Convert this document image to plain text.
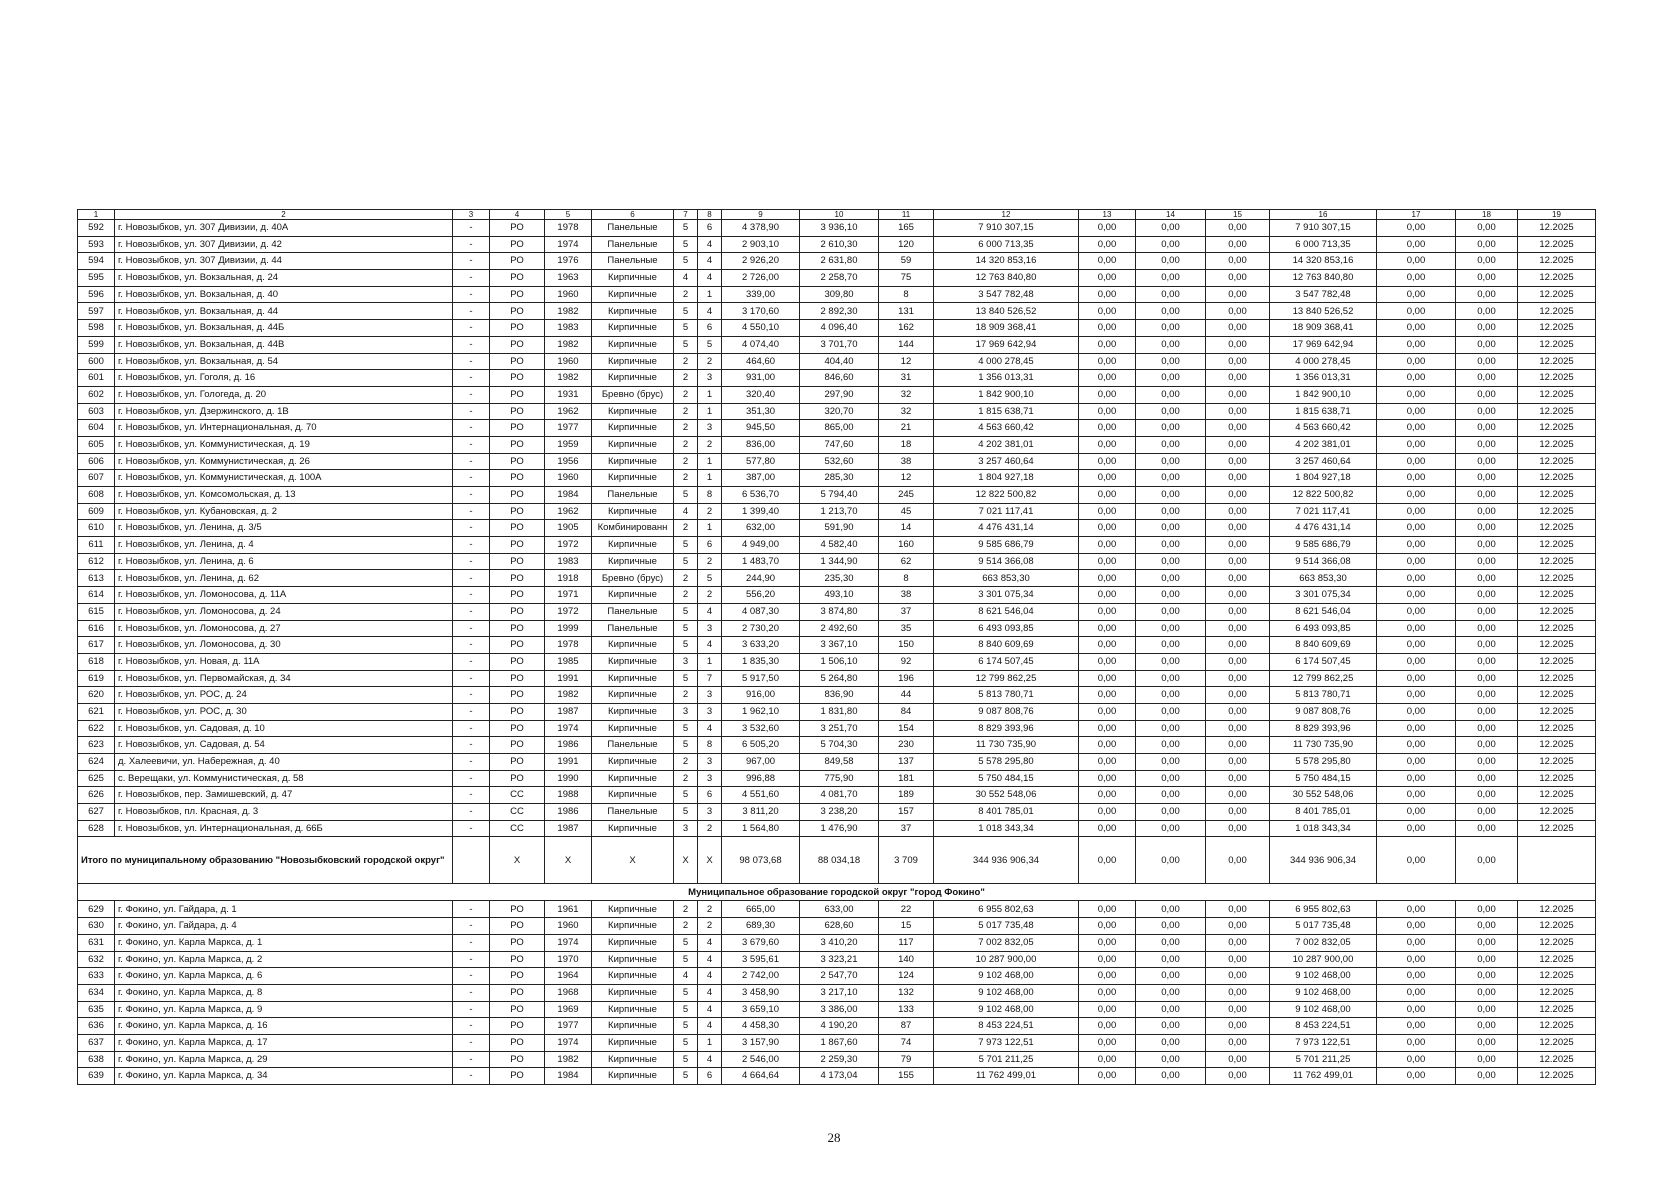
1	2	3	4	5	6	7	8	9	10	11	12	13	14	15	16	17	18	19
592	г. Новозыбков, ул. 307 Дивизии, д. 40А	-	РО	1978	Панельные	5	6	4 378,90	3 936,10	165	7 910 307,15	0,00	0,00	0,00	7 910 307,15	0,00	0,00	12.2025
593	г. Новозыбков, ул. 307 Дивизии, д. 42	-	РО	1974	Панельные	5	4	2 903,10	2 610,30	120	6 000 713,35	0,00	0,00	0,00	6 000 713,35	0,00	0,00	12.2025
594	г. Новозыбков, ул. 307 Дивизии, д. 44	-	РО	1976	Панельные	5	4	2 926,20	2 631,80	59	14 320 853,16	0,00	0,00	0,00	14 320 853,16	0,00	0,00	12.2025
595	г. Новозыбков, ул. Вокзальная, д. 24	-	РО	1963	Кирпичные	4	4	2 726,00	2 258,70	75	12 763 840,80	0,00	0,00	0,00	12 763 840,80	0,00	0,00	12.2025
596	г. Новозыбков, ул. Вокзальная, д. 40	-	РО	1960	Кирпичные	2	1	339,00	309,80	8	3 547 782,48	0,00	0,00	0,00	3 547 782,48	0,00	0,00	12.2025
597	г. Новозыбков, ул. Вокзальная, д. 44	-	РО	1982	Кирпичные	5	4	3 170,60	2 892,30	131	13 840 526,52	0,00	0,00	0,00	13 840 526,52	0,00	0,00	12.2025
598	г. Новозыбков, ул. Вокзальная, д. 44Б	-	РО	1983	Кирпичные	5	6	4 550,10	4 096,40	162	18 909 368,41	0,00	0,00	0,00	18 909 368,41	0,00	0,00	12.2025
599	г. Новозыбков, ул. Вокзальная, д. 44В	-	РО	1982	Кирпичные	5	5	4 074,40	3 701,70	144	17 969 642,94	0,00	0,00	0,00	17 969 642,94	0,00	0,00	12.2025
600	г. Новозыбков, ул. Вокзальная, д. 54	-	РО	1960	Кирпичные	2	2	464,60	404,40	12	4 000 278,45	0,00	0,00	0,00	4 000 278,45	0,00	0,00	12.2025
601	г. Новозыбков, ул. Гоголя, д. 16	-	РО	1982	Кирпичные	2	3	931,00	846,60	31	1 356 013,31	0,00	0,00	0,00	1 356 013,31	0,00	0,00	12.2025
602	г. Новозыбков, ул. Гологеда, д. 20	-	РО	1931	Бревно (брус)	2	1	320,40	297,90	32	1 842 900,10	0,00	0,00	0,00	1 842 900,10	0,00	0,00	12.2025
603	г. Новозыбков, ул. Дзержинского, д. 1В	-	РО	1962	Кирпичные	2	1	351,30	320,70	32	1 815 638,71	0,00	0,00	0,00	1 815 638,71	0,00	0,00	12.2025
604	г. Новозыбков, ул. Интернациональная, д. 70	-	РО	1977	Кирпичные	2	3	945,50	865,00	21	4 563 660,42	0,00	0,00	0,00	4 563 660,42	0,00	0,00	12.2025
605	г. Новозыбков, ул. Коммунистическая, д. 19	-	РО	1959	Кирпичные	2	2	836,00	747,60	18	4 202 381,01	0,00	0,00	0,00	4 202 381,01	0,00	0,00	12.2025
606	г. Новозыбков, ул. Коммунистическая, д. 26	-	РО	1956	Кирпичные	2	1	577,80	532,60	38	3 257 460,64	0,00	0,00	0,00	3 257 460,64	0,00	0,00	12.2025
607	г. Новозыбков, ул. Коммунистическая, д. 100А	-	РО	1960	Кирпичные	2	1	387,00	285,30	12	1 804 927,18	0,00	0,00	0,00	1 804 927,18	0,00	0,00	12.2025
608	г. Новозыбков, ул. Комсомольская, д. 13	-	РО	1984	Панельные	5	8	6 536,70	5 794,40	245	12 822 500,82	0,00	0,00	0,00	12 822 500,82	0,00	0,00	12.2025
609	г. Новозыбков, ул. Кубановская, д. 2	-	РО	1962	Кирпичные	4	2	1 399,40	1 213,70	45	7 021 117,41	0,00	0,00	0,00	7 021 117,41	0,00	0,00	12.2025
610	г. Новозыбков, ул. Ленина, д. 3/5	-	РО	1905	Комбинированн	2	1	632,00	591,90	14	4 476 431,14	0,00	0,00	0,00	4 476 431,14	0,00	0,00	12.2025
611	г. Новозыбков, ул. Ленина, д. 4	-	РО	1972	Кирпичные	5	6	4 949,00	4 582,40	160	9 585 686,79	0,00	0,00	0,00	9 585 686,79	0,00	0,00	12.2025
612	г. Новозыбков, ул. Ленина, д. 6	-	РО	1983	Кирпичные	5	2	1 483,70	1 344,90	62	9 514 366,08	0,00	0,00	0,00	9 514 366,08	0,00	0,00	12.2025
613	г. Новозыбков, ул. Ленина, д. 62	-	РО	1918	Бревно (брус)	2	5	244,90	235,30	8	663 853,30	0,00	0,00	0,00	663 853,30	0,00	0,00	12.2025
614	г. Новозыбков, ул. Ломоносова, д. 11А	-	РО	1971	Кирпичные	2	2	556,20	493,10	38	3 301 075,34	0,00	0,00	0,00	3 301 075,34	0,00	0,00	12.2025
615	г. Новозыбков, ул. Ломоносова, д. 24	-	РО	1972	Панельные	5	4	4 087,30	3 874,80	37	8 621 546,04	0,00	0,00	0,00	8 621 546,04	0,00	0,00	12.2025
616	г. Новозыбков, ул. Ломоносова, д. 27	-	РО	1999	Панельные	5	3	2 730,20	2 492,60	35	6 493 093,85	0,00	0,00	0,00	6 493 093,85	0,00	0,00	12.2025
617	г. Новозыбков, ул. Ломоносова, д. 30	-	РО	1978	Кирпичные	5	4	3 633,20	3 367,10	150	8 840 609,69	0,00	0,00	0,00	8 840 609,69	0,00	0,00	12.2025
618	г. Новозыбков, ул. Новая, д. 11А	-	РО	1985	Кирпичные	3	1	1 835,30	1 506,10	92	6 174 507,45	0,00	0,00	0,00	6 174 507,45	0,00	0,00	12.2025
619	г. Новозыбков, ул. Первомайская, д. 34	-	РО	1991	Кирпичные	5	7	5 917,50	5 264,80	196	12 799 862,25	0,00	0,00	0,00	12 799 862,25	0,00	0,00	12.2025
620	г. Новозыбков, ул. РОС, д. 24	-	РО	1982	Кирпичные	2	3	916,00	836,90	44	5 813 780,71	0,00	0,00	0,00	5 813 780,71	0,00	0,00	12.2025
621	г. Новозыбков, ул. РОС, д. 30	-	РО	1987	Кирпичные	3	3	1 962,10	1 831,80	84	9 087 808,76	0,00	0,00	0,00	9 087 808,76	0,00	0,00	12.2025
622	г. Новозыбков, ул. Садовая, д. 10	-	РО	1974	Кирпичные	5	4	3 532,60	3 251,70	154	8 829 393,96	0,00	0,00	0,00	8 829 393,96	0,00	0,00	12.2025
623	г. Новозыбков, ул. Садовая, д. 54	-	РО	1986	Панельные	5	8	6 505,20	5 704,30	230	11 730 735,90	0,00	0,00	0,00	11 730 735,90	0,00	0,00	12.2025
624	д. Халеевичи, ул. Набережная, д. 40	-	РО	1991	Кирпичные	2	3	967,00	849,58	137	5 578 295,80	0,00	0,00	0,00	5 578 295,80	0,00	0,00	12.2025
625	с. Верещаки, ул. Коммунистическая, д. 58	-	РО	1990	Кирпичные	2	3	996,88	775,90	181	5 750 484,15	0,00	0,00	0,00	5 750 484,15	0,00	0,00	12.2025
626	г. Новозыбков, пер. Замишевский, д. 47	-	СС	1988	Кирпичные	5	6	4 551,60	4 081,70	189	30 552 548,06	0,00	0,00	0,00	30 552 548,06	0,00	0,00	12.2025
627	г. Новозыбков, пл. Красная, д. 3	-	СС	1986	Панельные	5	3	3 811,20	3 238,20	157	8 401 785,01	0,00	0,00	0,00	8 401 785,01	0,00	0,00	12.2025
628	г. Новозыбков, ул. Интернациональная, д. 66Б	-	СС	1987	Кирпичные	3	2	1 564,80	1 476,90	37	1 018 343,34	0,00	0,00	0,00	1 018 343,34	0,00	0,00	12.2025
Итого по муниципальному образованию "Новозыбковский городской округ"			X	X	X	X	X	98 073,68	88 034,18	3 709	344 936 906,34	0,00	0,00	0,00	344 936 906,34	0,00	0,00	
Муниципальное образование городской округ "город Фокино"																		
629	г. Фокино, ул. Гайдара, д. 1	-	РО	1961	Кирпичные	2	2	665,00	633,00	22	6 955 802,63	0,00	0,00	0,00	6 955 802,63	0,00	0,00	12.2025
630	г. Фокино, ул. Гайдара, д. 4	-	РО	1960	Кирпичные	2	2	689,30	628,60	15	5 017 735,48	0,00	0,00	0,00	5 017 735,48	0,00	0,00	12.2025
631	г. Фокино, ул. Карла Маркса, д. 1	-	РО	1974	Кирпичные	5	4	3 679,60	3 410,20	117	7 002 832,05	0,00	0,00	0,00	7 002 832,05	0,00	0,00	12.2025
632	г. Фокино, ул. Карла Маркса, д. 2	-	РО	1970	Кирпичные	5	4	3 595,61	3 323,21	140	10 287 900,00	0,00	0,00	0,00	10 287 900,00	0,00	0,00	12.2025
633	г. Фокино, ул. Карла Маркса, д. 6	-	РО	1964	Кирпичные	4	4	2 742,00	2 547,70	124	9 102 468,00	0,00	0,00	0,00	9 102 468,00	0,00	0,00	12.2025
634	г. Фокино, ул. Карла Маркса, д. 8	-	РО	1968	Кирпичные	5	4	3 458,90	3 217,10	132	9 102 468,00	0,00	0,00	0,00	9 102 468,00	0,00	0,00	12.2025
635	г. Фокино, ул. Карла Маркса, д. 9	-	РО	1969	Кирпичные	5	4	3 659,10	3 386,00	133	9 102 468,00	0,00	0,00	0,00	9 102 468,00	0,00	0,00	12.2025
636	г. Фокино, ул. Карла Маркса, д. 16	-	РО	1977	Кирпичные	5	4	4 458,30	4 190,20	87	8 453 224,51	0,00	0,00	0,00	8 453 224,51	0,00	0,00	12.2025
637	г. Фокино, ул. Карла Маркса, д. 17	-	РО	1974	Кирпичные	5	1	3 157,90	1 867,60	74	7 973 122,51	0,00	0,00	0,00	7 973 122,51	0,00	0,00	12.2025
638	г. Фокино, ул. Карла Маркса, д. 29	-	РО	1982	Кирпичные	5	4	2 546,00	2 259,30	79	5 701 211,25	0,00	0,00	0,00	5 701 211,25	0,00	0,00	12.2025
639	г. Фокино, ул. Карла Маркса, д. 34	-	РО	1984	Кирпичные	5	6	4 664,64	4 173,04	155	11 762 499,01	0,00	0,00	0,00	11 762 499,01	0,00	0,00	12.2025
28
